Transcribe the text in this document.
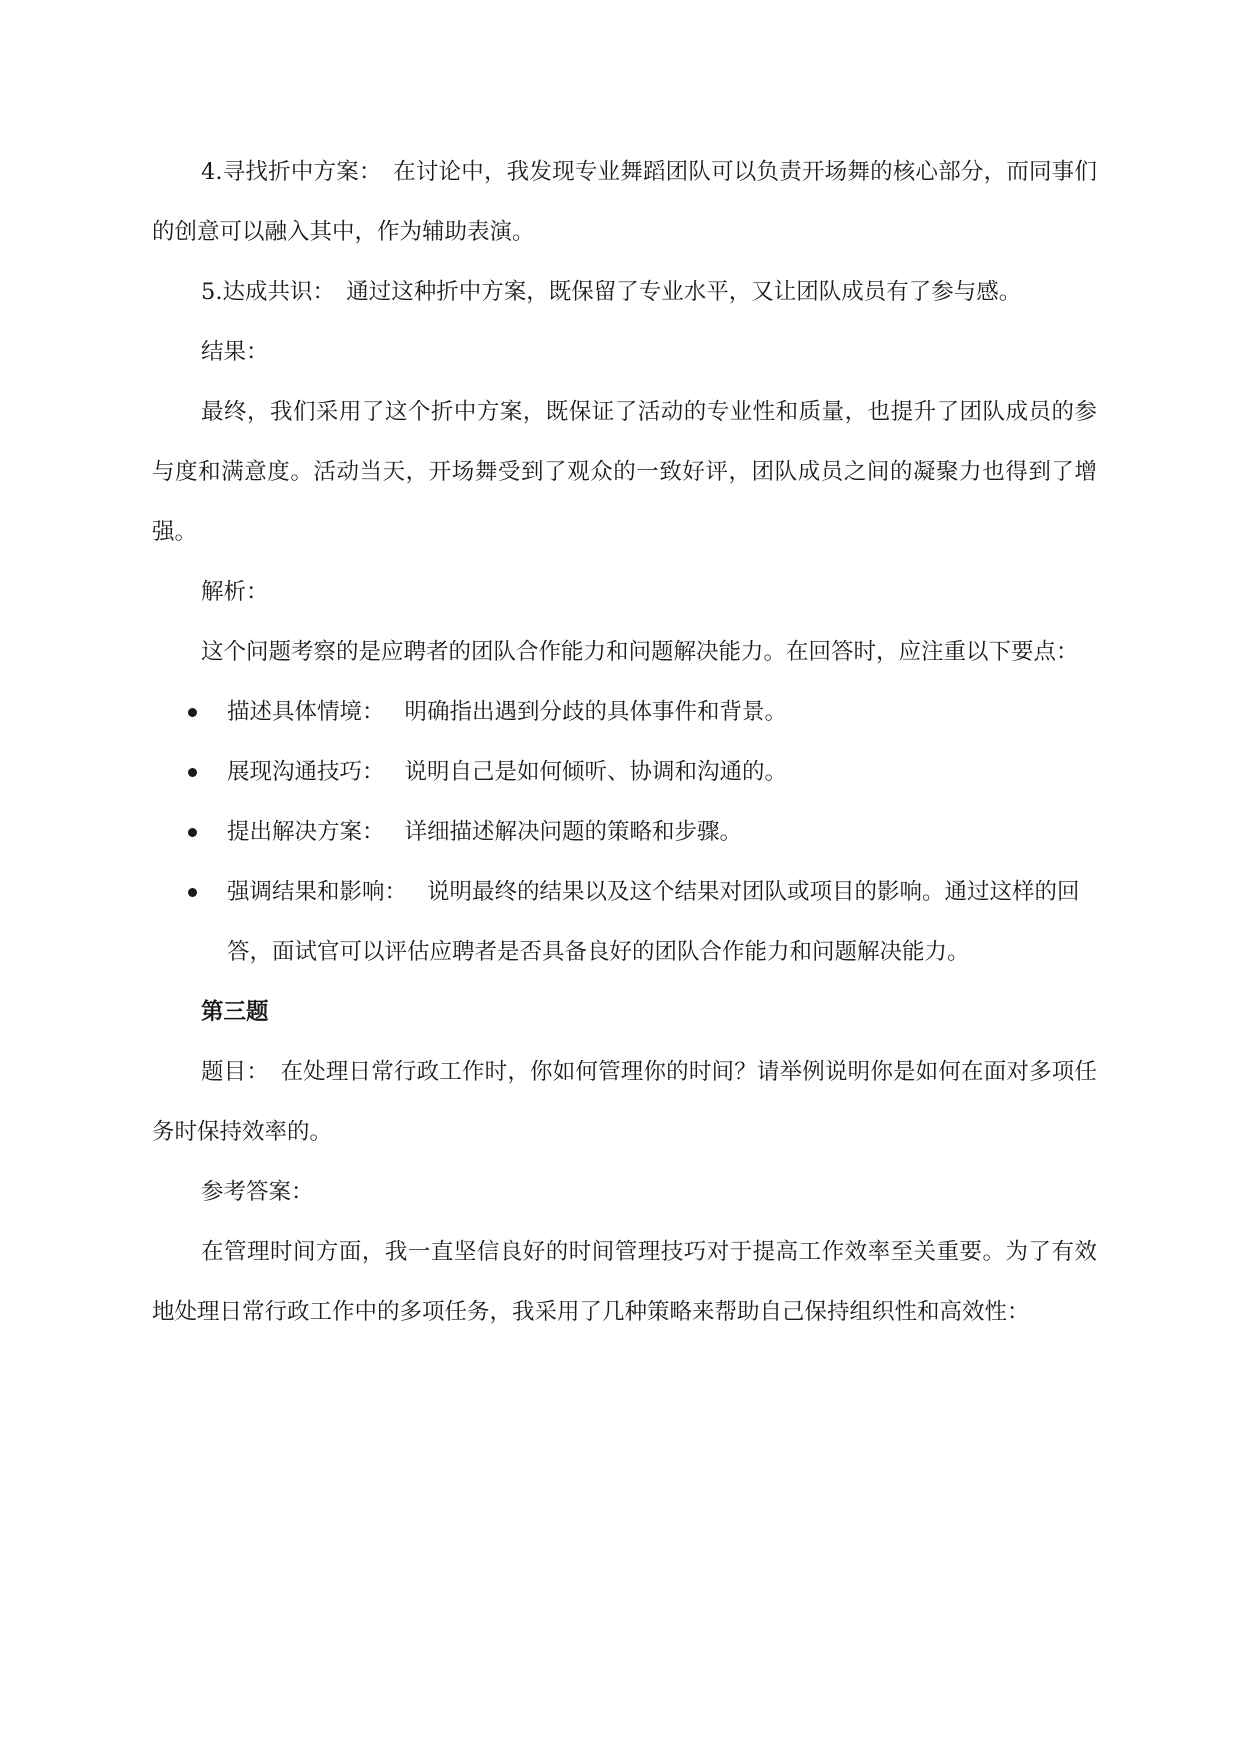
4.寻找折中方案：　在讨论中，我发现专业舞蹈团队可以负责开场舞的核心部分，而同事们的创意可以融入其中，作为辅助表演。

5.达成共识：　通过这种折中方案，既保留了专业水平，又让团队成员有了参与感。

结果：

最终，我们采用了这个折中方案，既保证了活动的专业性和质量，也提升了团队成员的参与度和满意度。活动当天，开场舞受到了观众的一致好评，团队成员之间的凝聚力也得到了增强。

解析：

这个问题考察的是应聘者的团队合作能力和问题解决能力。在回答时，应注重以下要点：

描述具体情境： 明确指出遇到分歧的具体事件和背景。
展现沟通技巧： 说明自己是如何倾听、协调和沟通的。
提出解决方案： 详细描述解决问题的策略和步骤。
强调结果和影响： 说明最终的结果以及这个结果对团队或项目的影响。通过这样的回答，面试官可以评估应聘者是否具备良好的团队合作能力和问题解决能力。

第三题

题目：　在处理日常行政工作时，你如何管理你的时间？请举例说明你是如何在面对多项任务时保持效率的。

参考答案：

在管理时间方面，我一直坚信良好的时间管理技巧对于提高工作效率至关重要。为了有效地处理日常行政工作中的多项任务，我采用了几种策略来帮助自己保持组织性和高效性：
